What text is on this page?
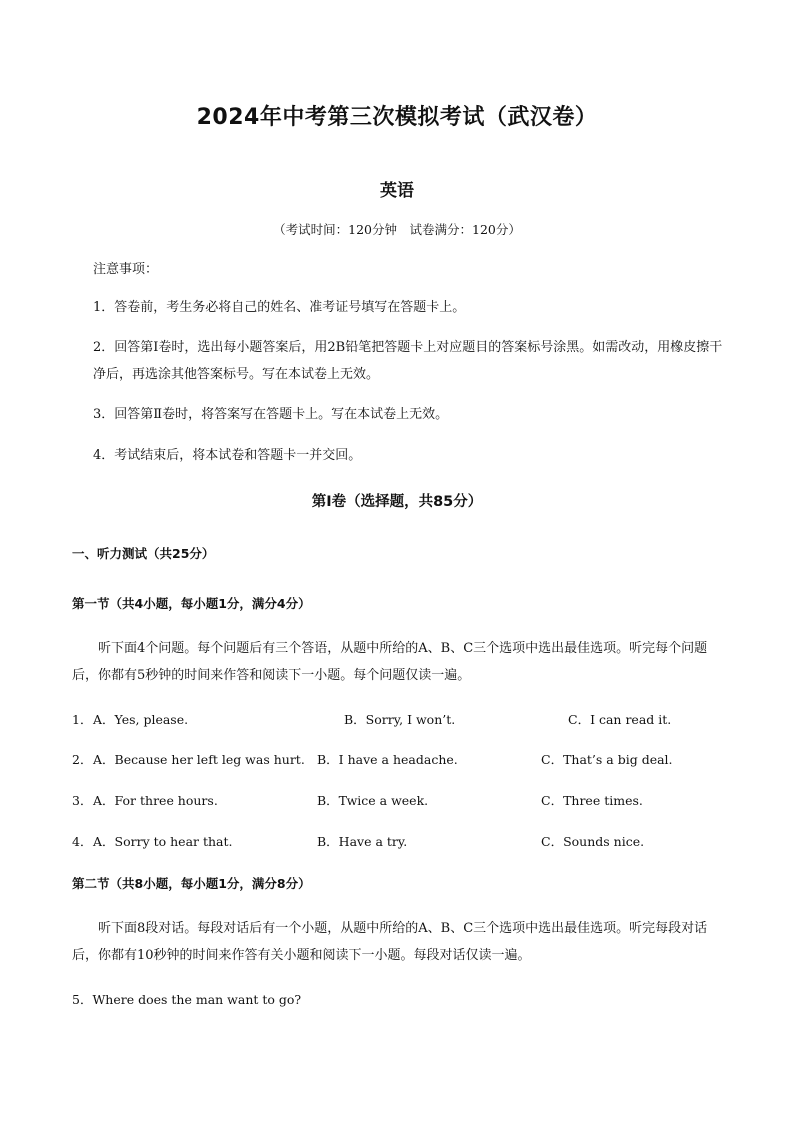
2024年中考第三次模拟考试（武汉卷）
英语
（考试时间：120分钟　试卷满分：120分）
注意事项：
1．答卷前，考生务必将自己的姓名、准考证号填写在答题卡上。
2．回答第Ⅰ卷时，选出每小题答案后，用2B铅笔把答题卡上对应题目的答案标号涂黑。如需改动，用橡皮擦干净后，再选涂其他答案标号。写在本试卷上无效。
3．回答第Ⅱ卷时，将答案写在答题卡上。写在本试卷上无效。
4．考试结束后，将本试卷和答题卡一并交回。
第Ⅰ卷（选择题，共85分）
一、听力测试（共25分）
第一节（共4小题，每小题1分，满分4分）
听下面4个问题。每个问题后有三个答语，从题中所给的A、B、C三个选项中选出最佳选项。听完每个问题后，你都有5秒钟的时间来作答和阅读下一小题。每个问题仅读一遍。
1． A．Yes, please.	B．Sorry, I won’t.	C．I can read it.
2． A．Because her left leg was hurt. B．I have a headache.	C．That’s a big deal.
3． A．For three hours.	B．Twice a week.	C．Three times.
4． A．Sorry to hear that.	B．Have a try.	C．Sounds nice.
第二节（共8小题，每小题1分，满分8分）
听下面8段对话。每段对话后有一个小题，从题中所给的A、B、C三个选项中选出最佳选项。听完每段对话后，你都有10秒钟的时间来作答有关小题和阅读下一小题。每段对话仅读一遍。
5．Where does the man want to go?
